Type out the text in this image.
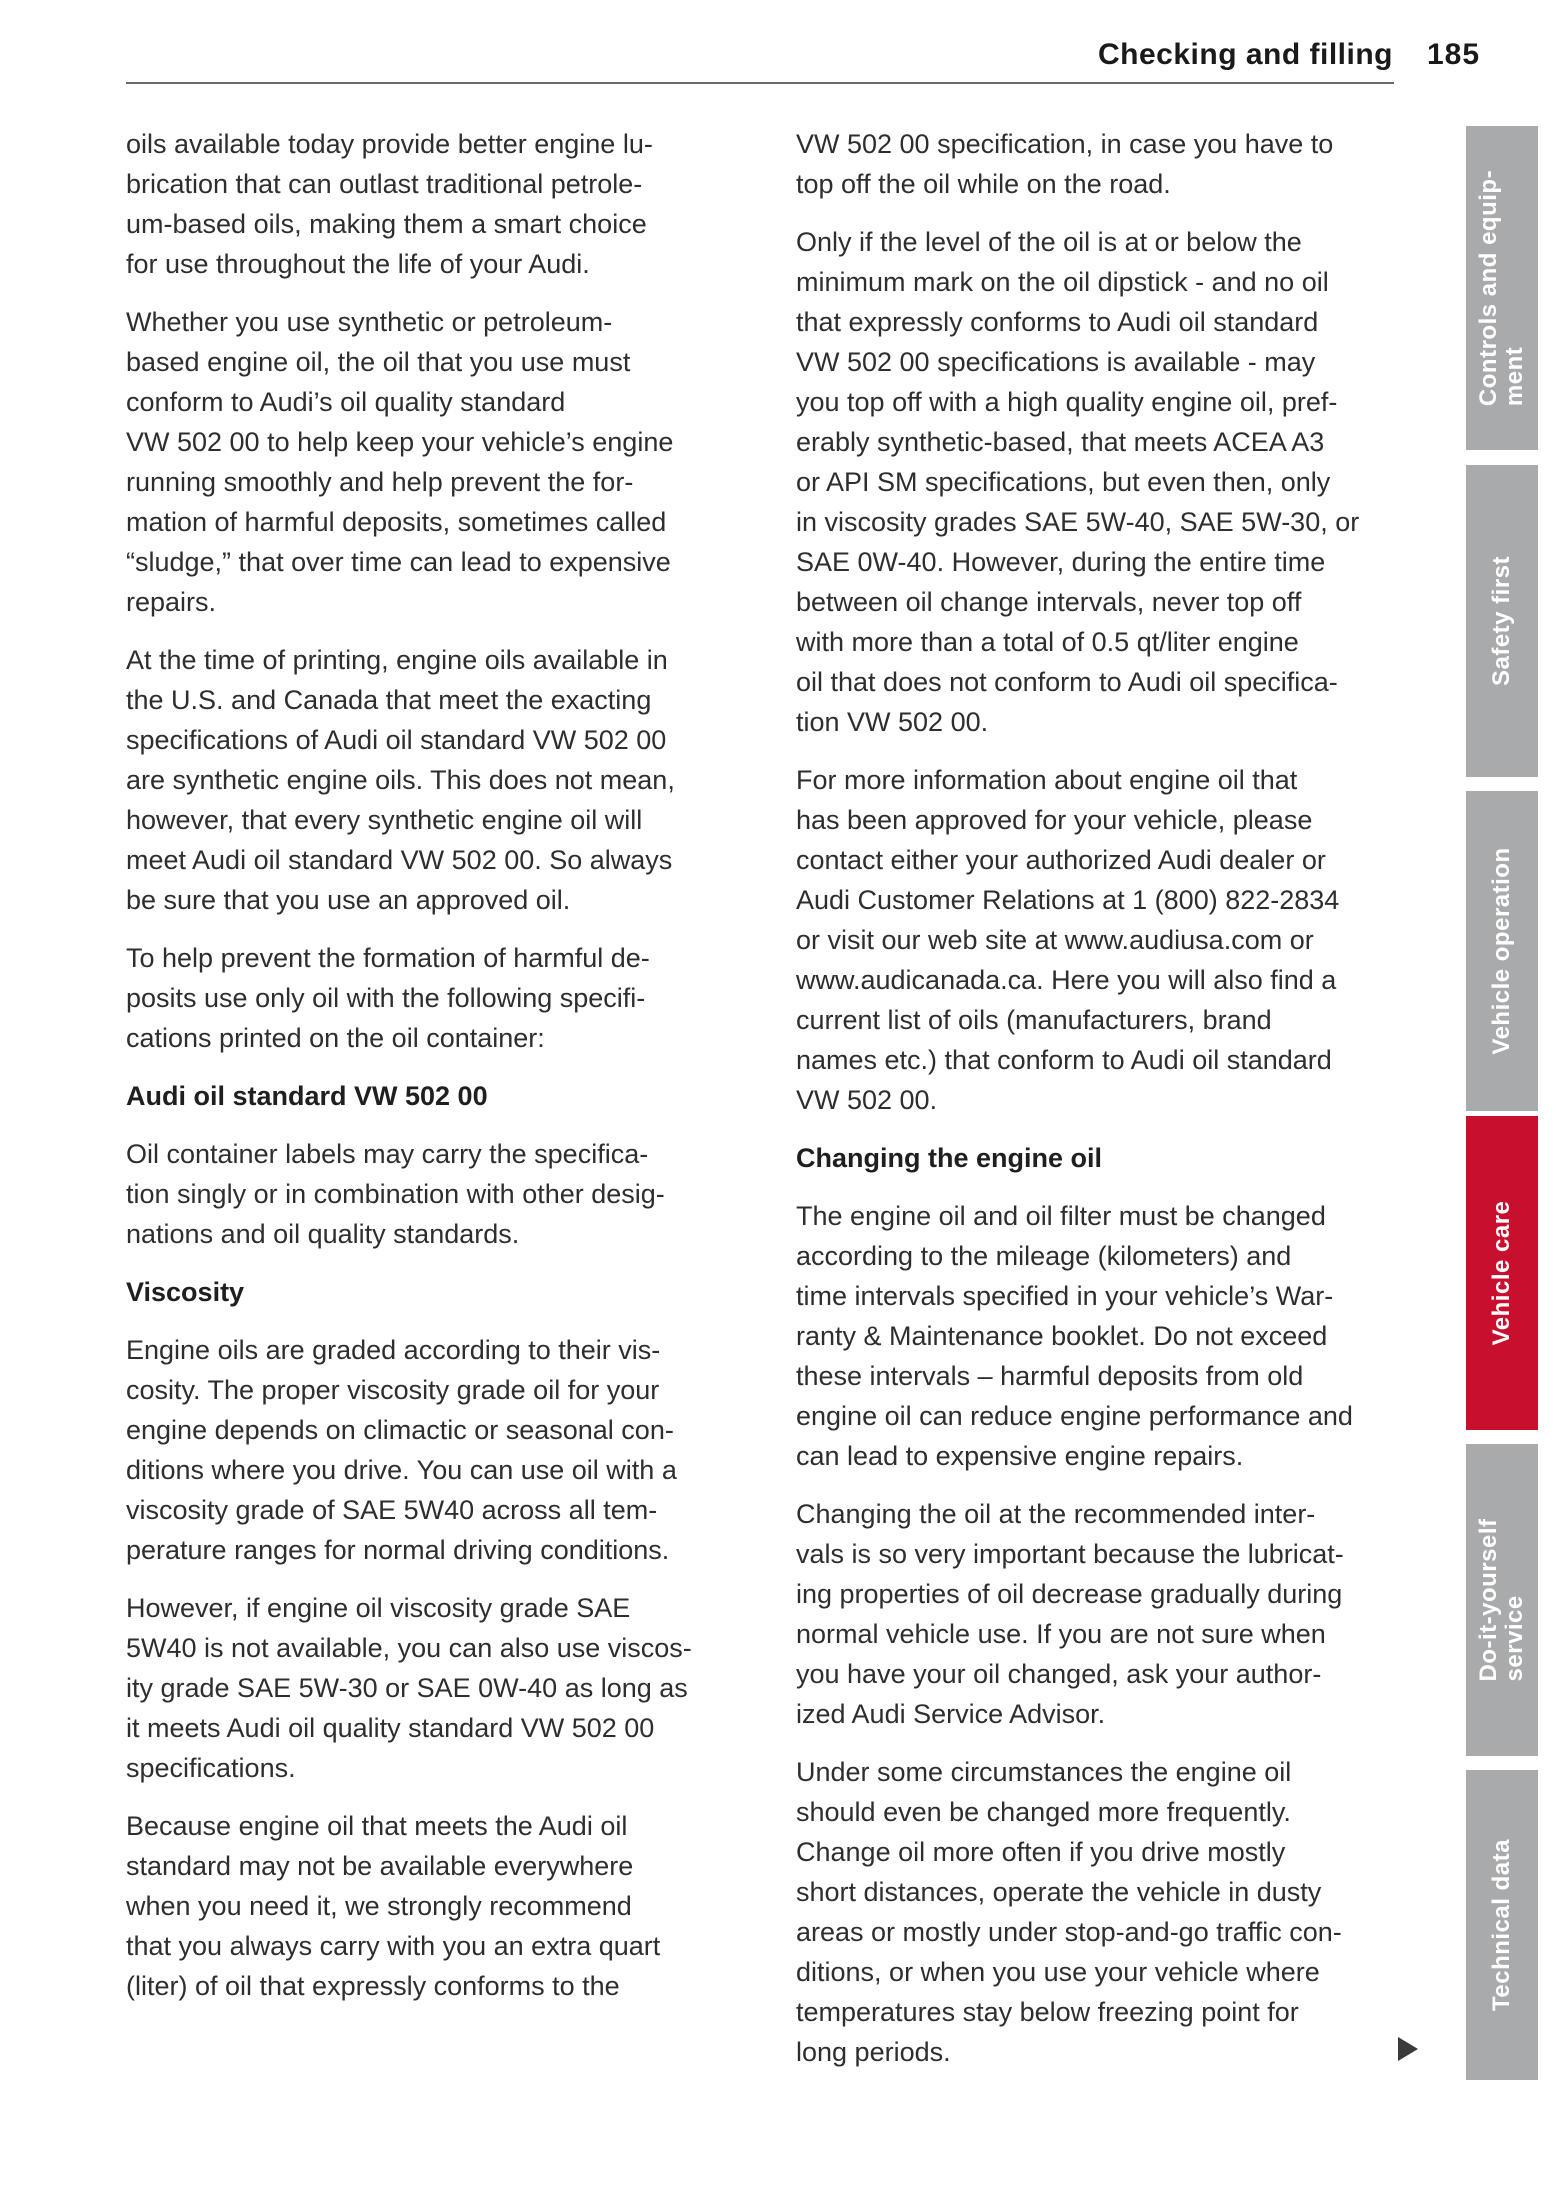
Checking and filling 185

oils available today provide better engine lu-
brication that can outlast traditional petrole-
um-based oils, making them a smart choice
for use throughout the life of your Audi.

Whether you use synthetic or petroleum-
based engine oil, the oil that you use must
conform to Audi’s oil quality standard
VW 502 00 to help keep your vehicle’s engine
running smoothly and help prevent the for-
mation of harmful deposits, sometimes called
“sludge,” that over time can lead to expensive
repairs.

At the time of printing, engine oils available in
the U.S. and Canada that meet the exacting
specifications of Audi oil standard VW 502 00
are synthetic engine oils. This does not mean,
however, that every synthetic engine oil will
meet Audi oil standard VW 502 00. So always
be sure that you use an approved oil.

To help prevent the formation of harmful de-
posits use only oil with the following specifi-
cations printed on the oil container:

Audi oil standard VW 502 00

Oil container labels may carry the specifica-
tion singly or in combination with other desig-
nations and oil quality standards.

Viscosity

Engine oils are graded according to their vis-
cosity. The proper viscosity grade oil for your
engine depends on climactic or seasonal con-
ditions where you drive. You can use oil with a
viscosity grade of SAE 5W40 across all tem-
perature ranges for normal driving conditions.

However, if engine oil viscosity grade SAE
5W40 is not available, you can also use viscos-
ity grade SAE 5W-30 or SAE 0W-40 as long as
it meets Audi oil quality standard VW 502 00
specifications.

Because engine oil that meets the Audi oil
standard may not be available everywhere
when you need it, we strongly recommend
that you always carry with you an extra quart
(liter) of oil that expressly conforms to the

VW 502 00 specification, in case you have to
top off the oil while on the road.

Only if the level of the oil is at or below the
minimum mark on the oil dipstick - and no oil
that expressly conforms to Audi oil standard
VW 502 00 specifications is available - may
you top off with a high quality engine oil, pref-
erably synthetic-based, that meets ACEA A3
or API SM specifications, but even then, only
in viscosity grades SAE 5W-40, SAE 5W-30, or
SAE 0W-40. However, during the entire time
between oil change intervals, never top off
with more than a total of 0.5 qt/liter engine
oil that does not conform to Audi oil specifica-
tion VW 502 00.

For more information about engine oil that
has been approved for your vehicle, please
contact either your authorized Audi dealer or
Audi Customer Relations at 1 (800) 822-2834
or visit our web site at www.audiusa.com or
www.audicanada.ca. Here you will also find a
current list of oils (manufacturers, brand
names etc.) that conform to Audi oil standard
VW 502 00.

Changing the engine oil

The engine oil and oil filter must be changed
according to the mileage (kilometers) and
time intervals specified in your vehicle’s War-
ranty & Maintenance booklet. Do not exceed
these intervals – harmful deposits from old
engine oil can reduce engine performance and
can lead to expensive engine repairs.

Changing the oil at the recommended inter-
vals is so very important because the lubricat-
ing properties of oil decrease gradually during
normal vehicle use. If you are not sure when
you have your oil changed, ask your author-
ized Audi Service Advisor.

Under some circumstances the engine oil
should even be changed more frequently.
Change oil more often if you drive mostly
short distances, operate the vehicle in dusty
areas or mostly under stop-and-go traffic con-
ditions, or when you use your vehicle where
temperatures stay below freezing point for
long periods.

Controls and equip- ment
Safety first
Vehicle operation
Vehicle care
Do-it-yourself service
Technical data
